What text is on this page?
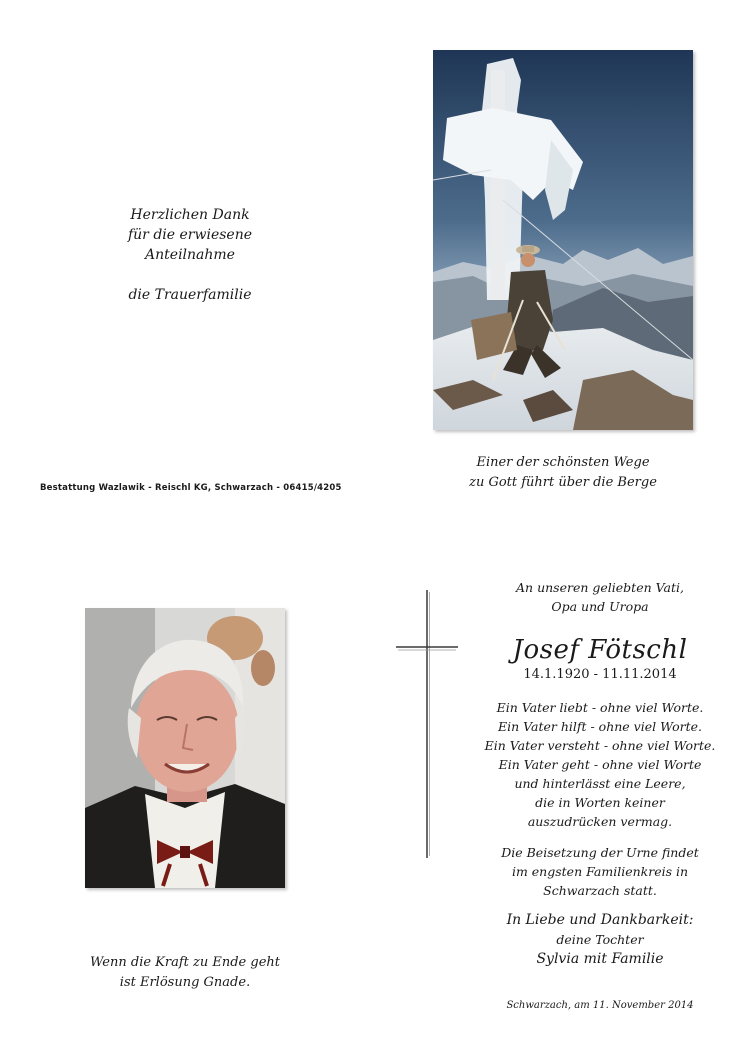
Herzlichen Dank
für die erwiesene
Anteilnahme
die Trauerfamilie
Bestattung Wazlawik - Reischl KG, Schwarzach - 06415/4205
Einer der schönsten Wege
zu Gott führt über die Berge
Wenn die Kraft zu Ende geht
ist Erlösung Gnade.
An unseren geliebten Vati,
Opa und Uropa
Josef Fötschl
14.1.1920 - 11.11.2014
Ein Vater liebt - ohne viel Worte.
Ein Vater hilft - ohne viel Worte.
Ein Vater versteht - ohne viel Worte.
Ein Vater geht - ohne viel Worte
und hinterlässt eine Leere,
die in Worten keiner
auszudrücken vermag.
Die Beisetzung der Urne findet
im engsten Familienkreis in
Schwarzach statt.
In Liebe und Dankbarkeit:
deine Tochter
Sylvia mit Familie
Schwarzach, am 11. November 2014
